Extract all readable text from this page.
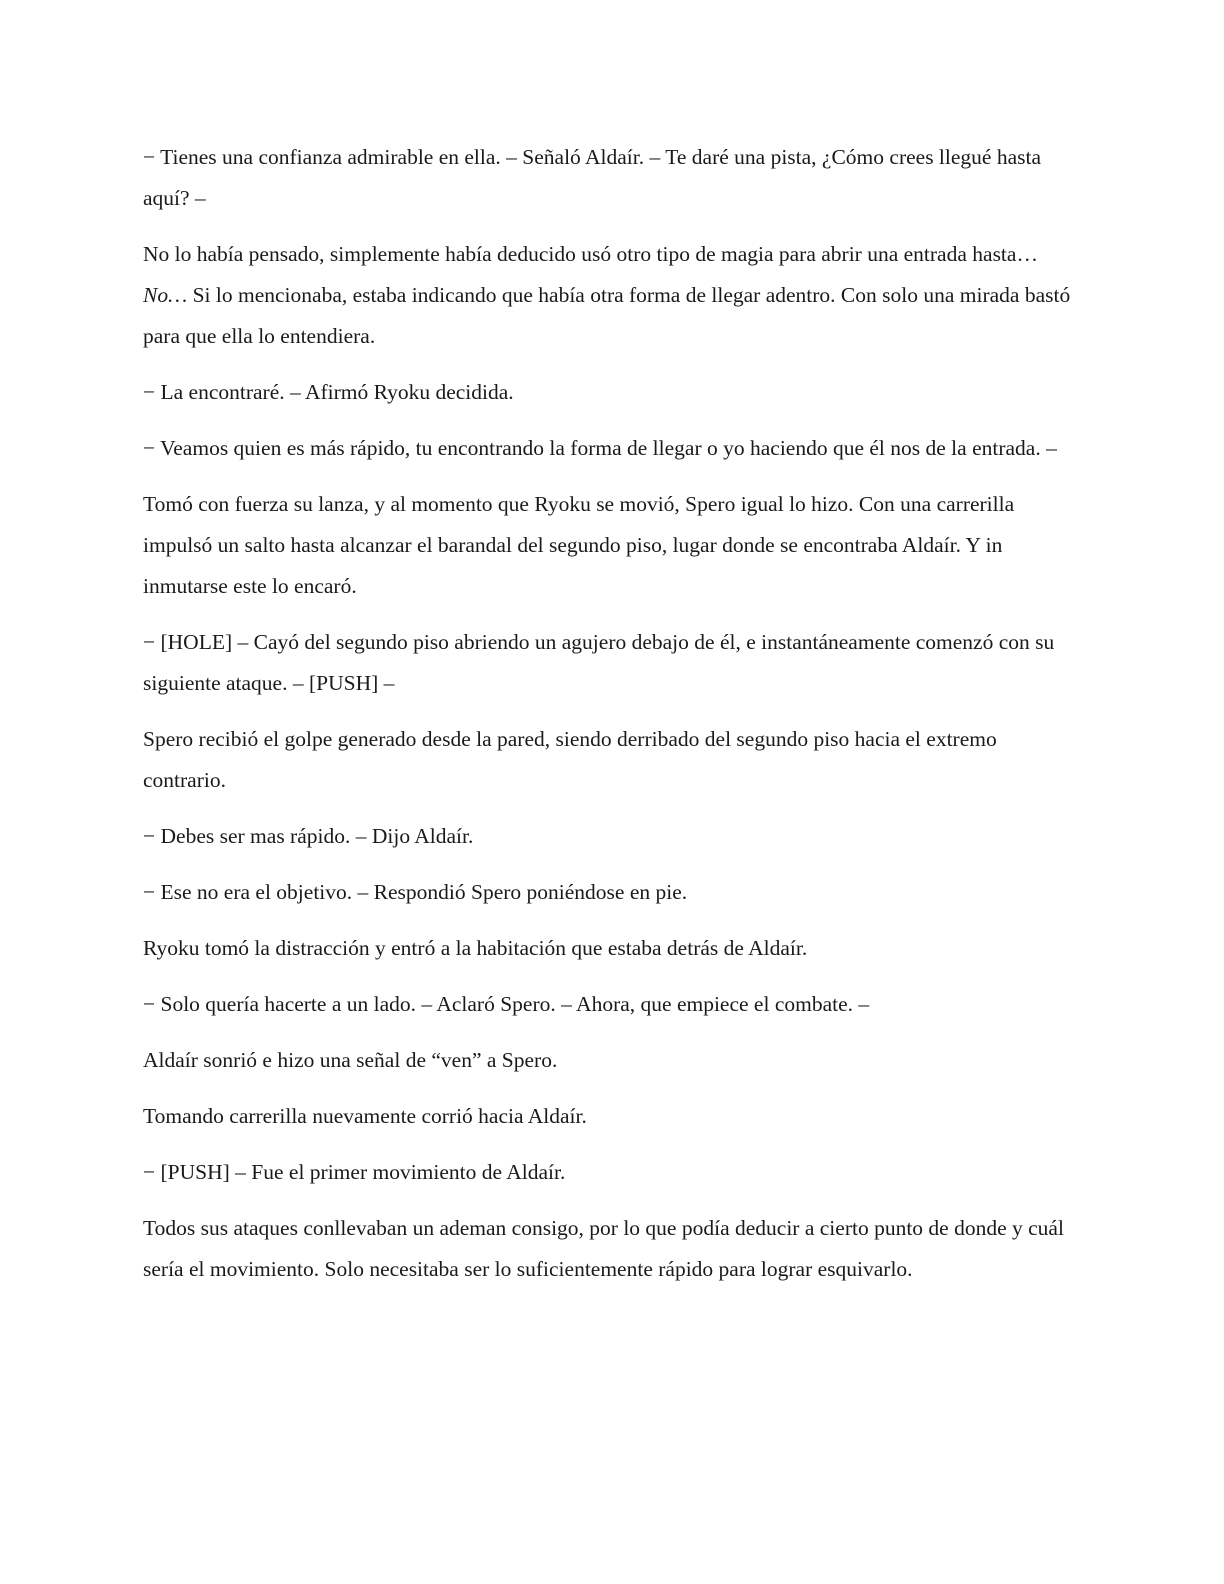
− Tienes una confianza admirable en ella. – Señaló Aldaír. – Te daré una pista, ¿Cómo crees llegué hasta aquí? –

No lo había pensado, simplemente había deducido usó otro tipo de magia para abrir una entrada hasta… No… Si lo mencionaba, estaba indicando que había otra forma de llegar adentro. Con solo una mirada bastó para que ella lo entendiera.

− La encontraré. – Afirmó Ryoku decidida.

− Veamos quien es más rápido, tu encontrando la forma de llegar o yo haciendo que él nos de la entrada. –

Tomó con fuerza su lanza, y al momento que Ryoku se movió, Spero igual lo hizo. Con una carrerilla impulsó un salto hasta alcanzar el barandal del segundo piso, lugar donde se encontraba Aldaír. Y in inmutarse este lo encaró.

− [HOLE] – Cayó del segundo piso abriendo un agujero debajo de él, e instantáneamente comenzó con su siguiente ataque. – [PUSH] –

Spero recibió el golpe generado desde la pared, siendo derribado del segundo piso hacia el extremo contrario.

− Debes ser mas rápido. – Dijo Aldaír.

− Ese no era el objetivo. – Respondió Spero poniéndose en pie.

Ryoku tomó la distracción y entró a la habitación que estaba detrás de Aldaír.

− Solo quería hacerte a un lado. – Aclaró Spero. – Ahora, que empiece el combate. –

Aldaír sonrió e hizo una señal de “ven” a Spero.

Tomando carrerilla nuevamente corrió hacia Aldaír.

− [PUSH] – Fue el primer movimiento de Aldaír.

Todos sus ataques conllevaban un ademan consigo, por lo que podía deducir a cierto punto de donde y cuál sería el movimiento. Solo necesitaba ser lo suficientemente rápido para lograr esquivarlo.
